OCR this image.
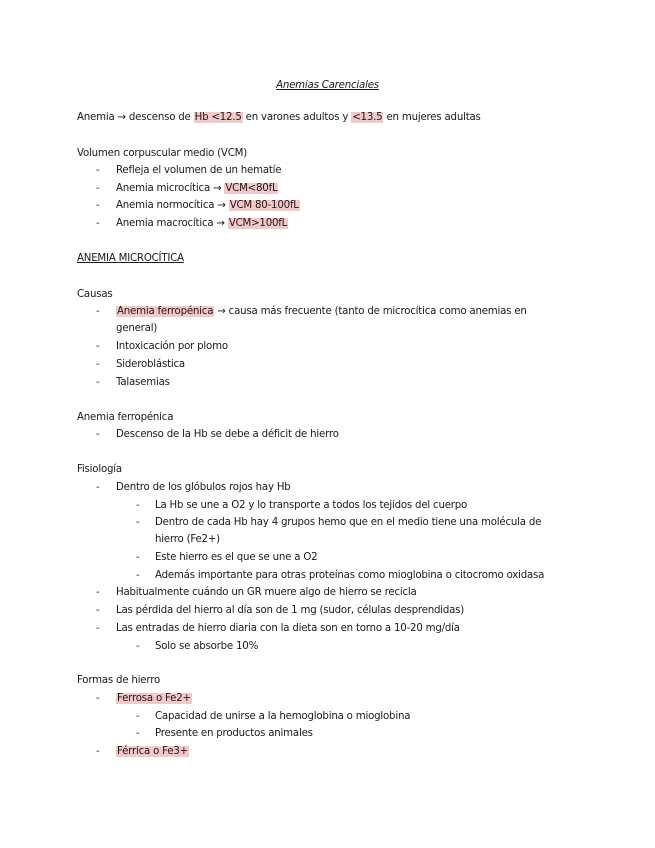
Anemias Carenciales
Anemia → descenso de Hb <12.5 en varones adultos y <13.5 en mujeres adultas
Volumen corpuscular medio (VCM)
- Refleja el volumen de un hematíe
- Anemia microcítica → VCM<80fL
- Anemia normocítica → VCM 80-100fL
- Anemia macrocítica → VCM>100fL
ANEMIA MICROCÍTICA
Causas
- Anemia ferropénica → causa más frecuente (tanto de microcítica como anemias en
general)
- Intoxicación por plomo
- Sideroblástica
- Talasemias
Anemia ferropénica
- Descenso de la Hb se debe a déficit de hierro
Fisiología
- Dentro de los glóbulos rojos hay Hb
- La Hb se une a O2 y lo transporte a todos los tejidos del cuerpo
- Dentro de cada Hb hay 4 grupos hemo que en el medio tiene una molécula de
hierro (Fe2+)
- Este hierro es el que se une a O2
- Además importante para otras proteínas como mioglobina o citocromo oxidasa
- Habitualmente cuándo un GR muere algo de hierro se recicla
- Las pérdida del hierro al día son de 1 mg (sudor, células desprendidas)
- Las entradas de hierro diaria con la dieta son en torno a 10-20 mg/día
- Solo se absorbe 10%
Formas de hierro
- Ferrosa o Fe2+
- Capacidad de unirse a la hemoglobina o mioglobina
- Presente en productos animales
- Férrica o Fe3+
